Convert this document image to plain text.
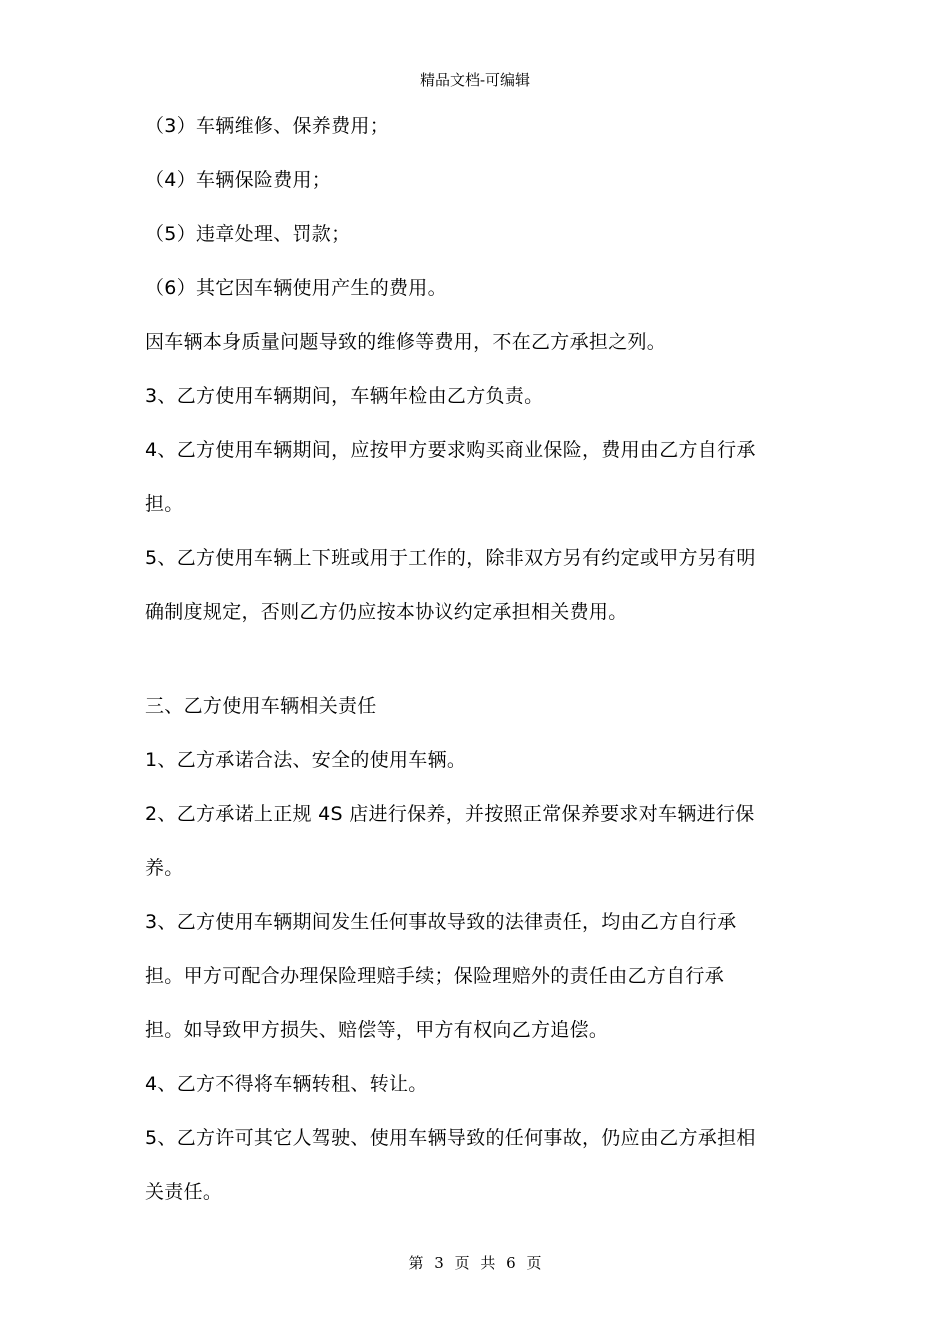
精品文档-可编辑
（3）车辆维修、保养费用；
（4）车辆保险费用；
（5）违章处理、罚款；
（6）其它因车辆使用产生的费用。
因车辆本身质量问题导致的维修等费用，不在乙方承担之列。
3、乙方使用车辆期间，车辆年检由乙方负责。
4、乙方使用车辆期间，应按甲方要求购买商业保险，费用由乙方自行承
担。
5、乙方使用车辆上下班或用于工作的，除非双方另有约定或甲方另有明
确制度规定，否则乙方仍应按本协议约定承担相关费用。
三、乙方使用车辆相关责任
1、乙方承诺合法、安全的使用车辆。
2、乙方承诺上正规 4S 店进行保养，并按照正常保养要求对车辆进行保
养。
3、乙方使用车辆期间发生任何事故导致的法律责任，均由乙方自行承
担。甲方可配合办理保险理赔手续；保险理赔外的责任由乙方自行承
担。如导致甲方损失、赔偿等，甲方有权向乙方追偿。
4、乙方不得将车辆转租、转让。
5、乙方许可其它人驾驶、使用车辆导致的任何事故，仍应由乙方承担相
关责任。
第 3 页 共 6 页
